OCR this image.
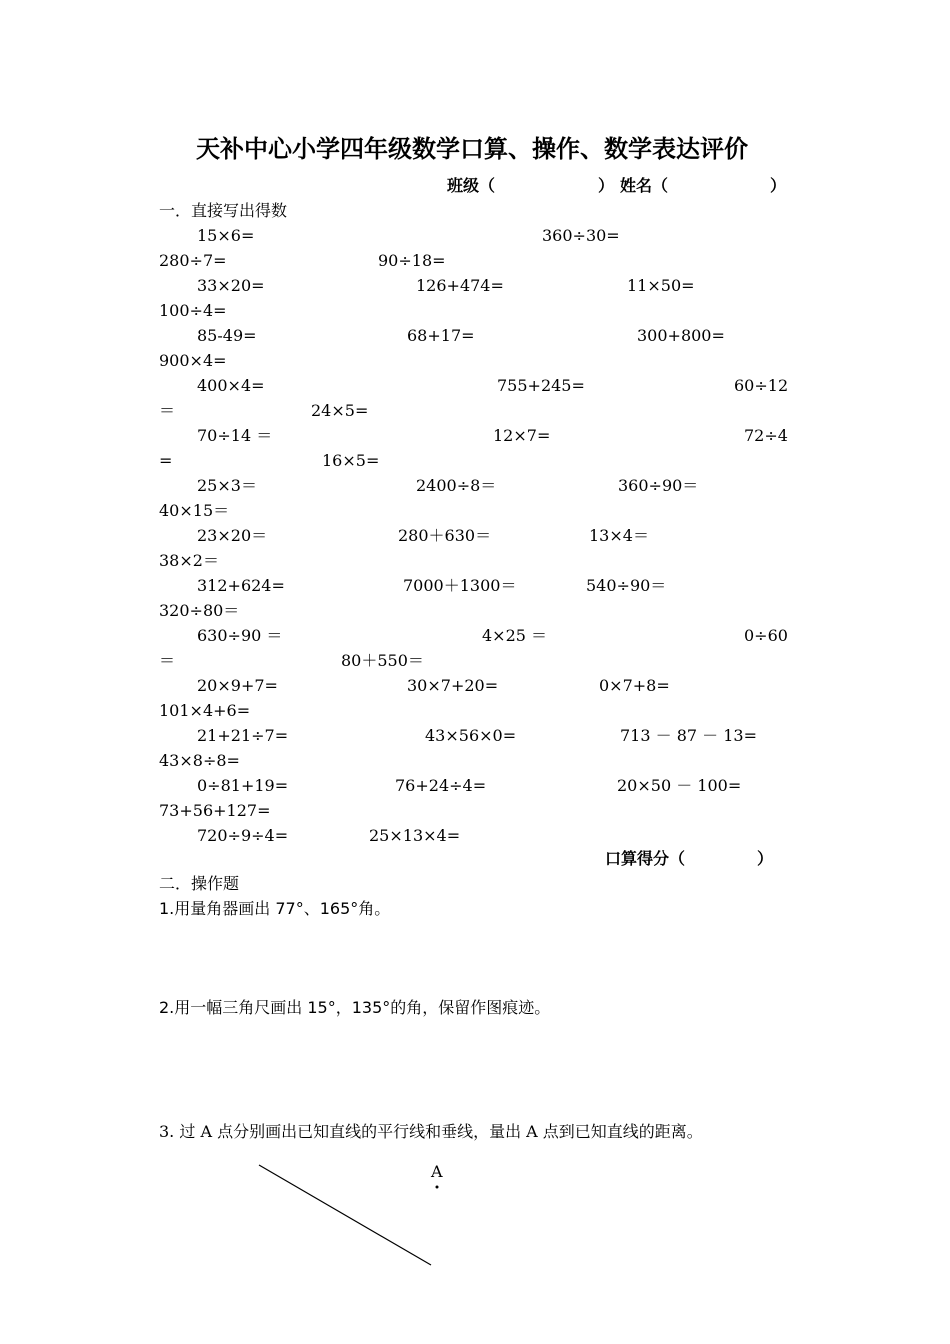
天补中心小学四年级数学口算、操作、数学表达评价
班级（	） 姓名（	）
一．直接写出得数
15×6=	360÷30=
280÷7=	90÷18=
33×20=	126+474=	11×50=
100÷4=
85-49=	68+17=	300+800=
900×4=
400×4=	755+245=	60÷12
＝	24×5=
70÷14 ＝	12×7=	72÷4
=	16×5=
25×3＝	2400÷8＝	360÷90＝
40×15＝
23×20＝	280＋630＝	13×4＝
38×2＝
312+624=	7000＋1300＝	540÷90＝
320÷80＝
630÷90 ＝	4×25 ＝	0÷60
＝	80＋550＝
20×9+7=	30×7+20=	0×7+8=
101×4+6=
21+21÷7=	43×56×0=	713 － 87 － 13=
43×8÷8=
0÷81+19=	76+24÷4=	20×50 － 100=
73+56+127=
720÷9÷4=	25×13×4=
口算得分（	）
二．操作题
1.用量角器画出 77°、165°角。
2.用一幅三角尺画出 15°，135°的角，保留作图痕迹。
3. 过 A 点分别画出已知直线的平行线和垂线，量出 A 点到已知直线的距离。
A
